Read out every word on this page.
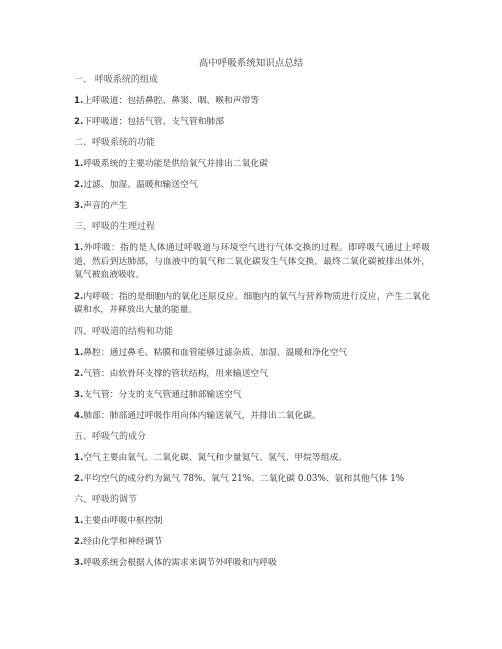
高中呼吸系统知识点总结
一、 呼吸系统的组成
1.上呼吸道：包括鼻腔、鼻窦、咽、喉和声带等
2.下呼吸道：包括气管、支气管和肺部
二、呼吸系统的功能
1.呼吸系统的主要功能是供给氧气并排出二氧化碳
2.过滤、加湿、温暖和输送空气
3.声音的产生
三、呼吸的生理过程
1.外呼吸：指的是人体通过呼吸道与环境空气进行气体交换的过程。即呼吸气通过上呼吸道，然后到达肺部，与血液中的氧气和二氧化碳发生气体交换，最终二氧化碳被排出体外，氧气被血液吸收。
2.内呼吸：指的是细胞内的氧化还原反应。细胞内的氧气与营养物质进行反应，产生二氧化碳和水，并释放出大量的能量。
四、呼吸道的结构和功能
1.鼻腔：通过鼻毛、粘膜和血管能够过滤杂质、加湿、温暖和净化空气
2.气管：由软骨环支撑的管状结构，用来输送空气
3.支气管：分支的支气管通过肺部输送空气
4.肺部：肺部通过呼吸作用向体内输送氧气，并排出二氧化碳。
五、呼吸气的成分
1.空气主要由氧气、二氧化碳、氮气和少量氦气、氢气、甲烷等组成。
2.平均空气的成分约为氮气 78%、氧气 21%、二氧化碳 0.03%、氩和其他气体 1%
六、呼吸的调节
1.主要由呼吸中枢控制
2.经由化学和神经调节
3.呼吸系统会根据人体的需求来调节外呼吸和内呼吸
